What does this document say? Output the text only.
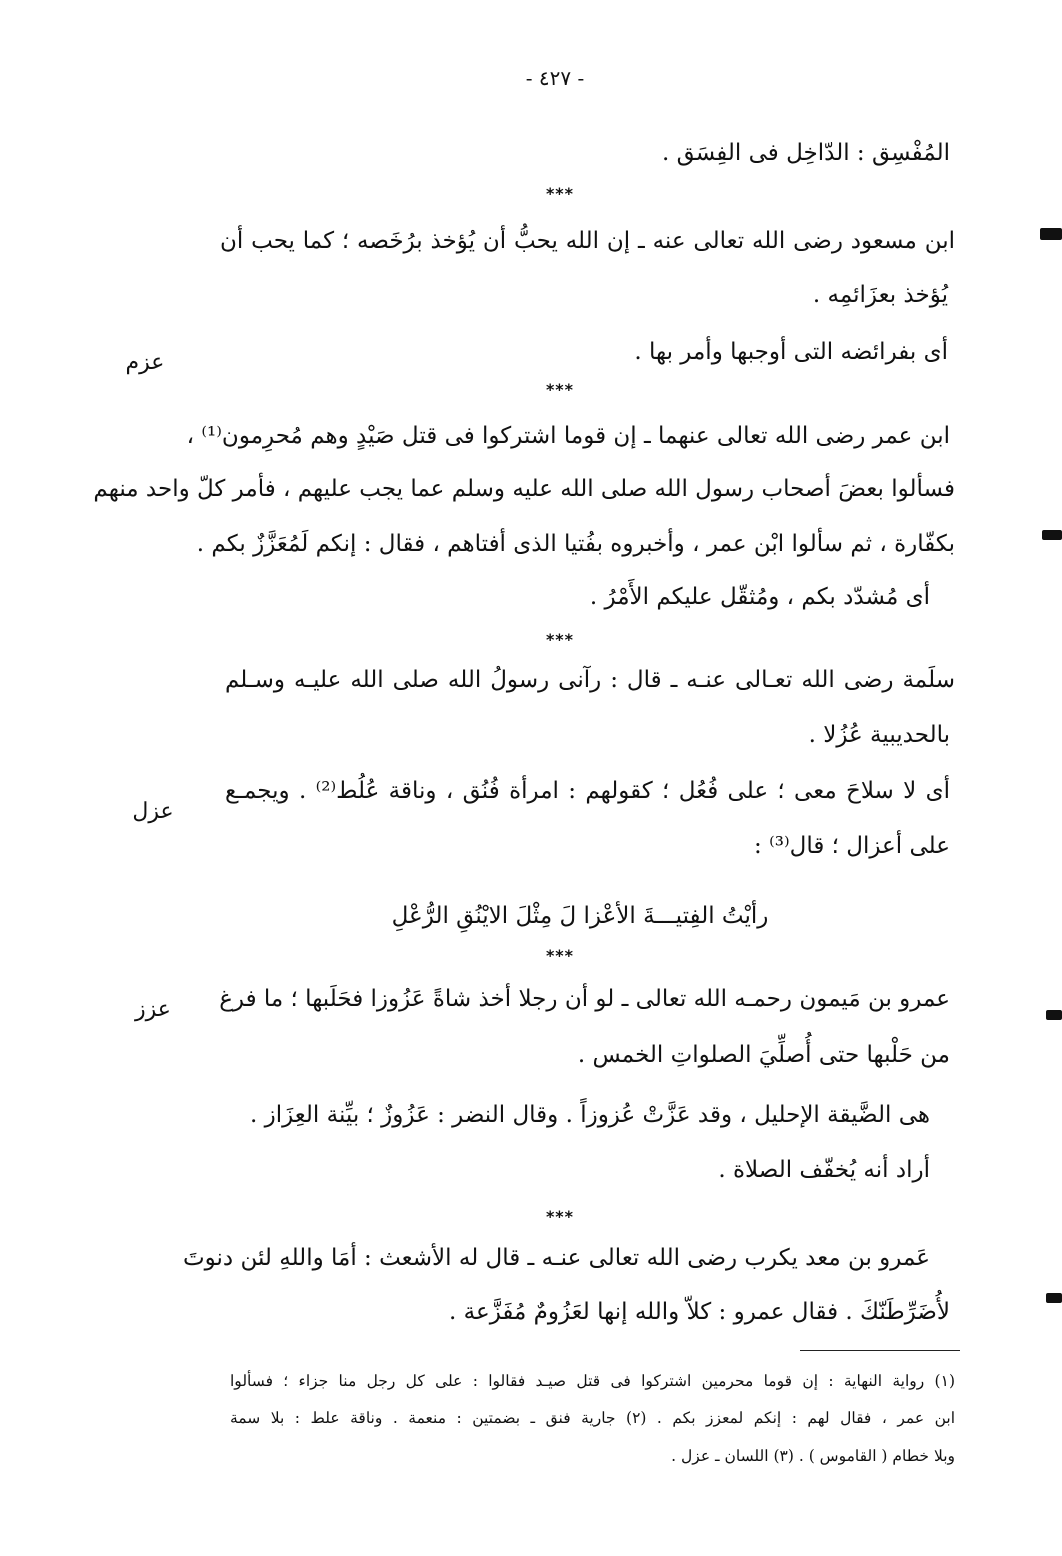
- ٤٢٧ -
المُفْسِق : الدّاخِل فى الفِسَق .
***
ابن مسعود رضى الله تعالى عنه ـ إن الله يحبُّ أن يُؤخذ برُخَصه ؛ كما يحب أن
يُؤخذ بعزَائمِه .
أى بفرائضه التى أوجبها وأمر بها .
عزم
***
ابن عمر رضى الله تعالى عنهما ـ إن قوما اشتركوا فى قتل صَيْدٍ وهم مُحرِمون⁽¹⁾ ،
فسألوا بعضَ أصحاب رسول الله صلى الله عليه وسلم عما يجب عليهم ، فأمر كلّ واحد منهم
بكفّارة ، ثم سألوا ابْن عمر ، وأخبروه بفُتيا الذى أفتاهم ، فقال : إنكم لَمُعَزَّزٌ بكم .
أى مُشدّد بكم ، ومُثقّل عليكم الأَمْرُ .
***
سلَمة رضى الله تعـالى عنـه ـ قال : رآنى رسولُ الله صلى الله عليـه وسـلم
بالحديبية عُزُلا .
أى لا سلاحَ معى ؛ على فُعُل ؛ كقولهم : امرأة فُنُق ، وناقة عُلُط⁽²⁾ . ويجمـع
عزل
على أعزال ؛ قال⁽³⁾ :
رأيْتُ الفِتيـــةَ الأعْزا لَ مِثْلَ الايْنُقِ الرُّعْلِ
***
عمرو بن مَيمون رحمـه الله تعالى ـ لو أن رجلا أخذ شاةً عَزُوزا فحَلَبها ؛ ما فرغ
عزز
من حَلْبها حتى أُصلِّيَ الصلواتِ الخمس .
هى الضَّيقة الإحليل ، وقد عَزَّتْ عُزوزاً . وقال النضر : عَزُوزٌ ؛ بيِّنة العِزَاز .
أراد أنه يُخفّف الصلاة .
***
عَمرو بن معد يكرب رضى الله تعالى عنـه ـ قال له الأشعث : أمَا واللهِ لئن دنوتَ
لأُضَرِّطَنّكَ . فقال عمرو : كلاّ والله إنها لعَزُومٌ مُفَزَّعة .
(١) رواية النهاية : إن قوما محرمين اشتركوا فى قتل صيـد فقالوا : على كل رجل منا جزاء ؛ فسألوا
ابن عمر ، فقال لهم : إنكم لمعزز بكم . (٢) جارية فنق ـ بضمتين : منعمة . وناقة علط : بلا سمة
وبلا خطام ( القاموس ) . (٣) اللسان ـ عزل .
